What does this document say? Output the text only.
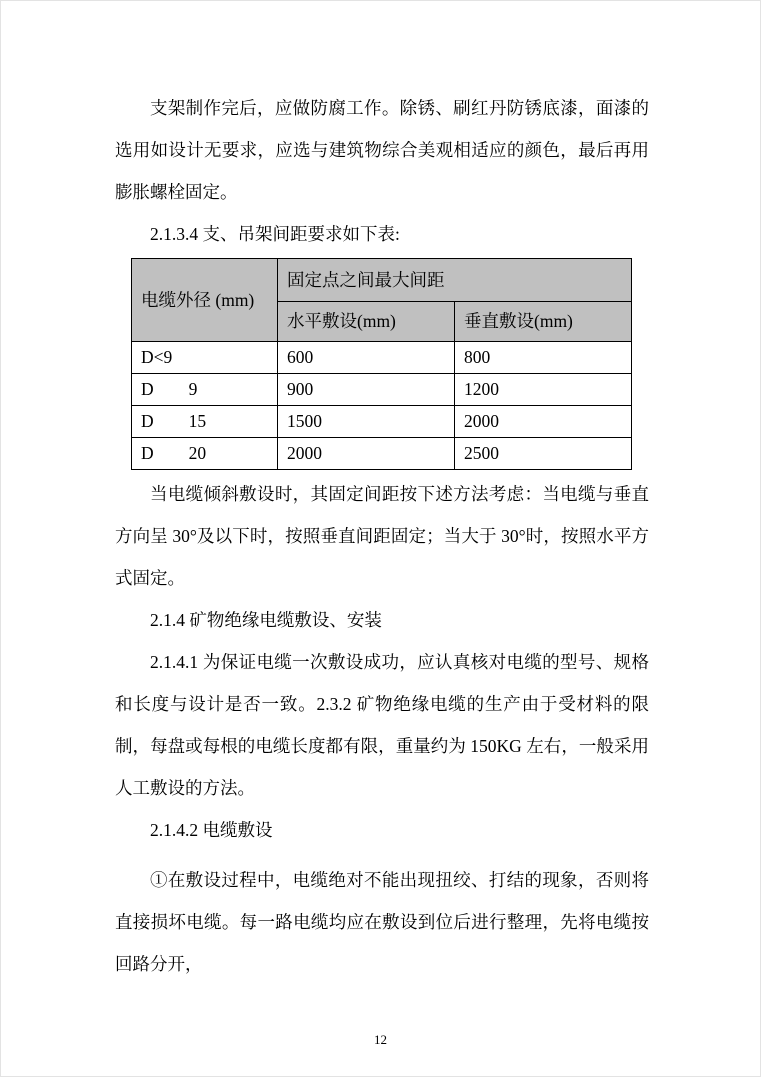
支架制作完后，应做防腐工作。除锈、刷红丹防锈底漆，面漆的选用如设计无要求，应选与建筑物综合美观相适应的颜色，最后再用膨胀螺栓固定。

2.1.3.4 支、吊架间距要求如下表:

电缆外径 (mm)	固定点之间最大间距	
	水平敷设(mm)	垂直敷设(mm)
D<9	600	800
D　　9	900	1200
D　　15	1500	2000
D　　20	2000	2500

当电缆倾斜敷设时，其固定间距按下述方法考虑：当电缆与垂直方向呈 30°及以下时，按照垂直间距固定；当大于 30°时，按照水平方式固定。

2.1.4 矿物绝缘电缆敷设、安装

2.1.4.1 为保证电缆一次敷设成功，应认真核对电缆的型号、规格和长度与设计是否一致。2.3.2 矿物绝缘电缆的生产由于受材料的限制，每盘或每根的电缆长度都有限，重量约为 150KG 左右，一般采用人工敷设的方法。

2.1.4.2 电缆敷设

①在敷设过程中，电缆绝对不能出现扭绞、打结的现象，否则将直接损坏电缆。每一路电缆均应在敷设到位后进行整理，先将电缆按回路分开，

12
